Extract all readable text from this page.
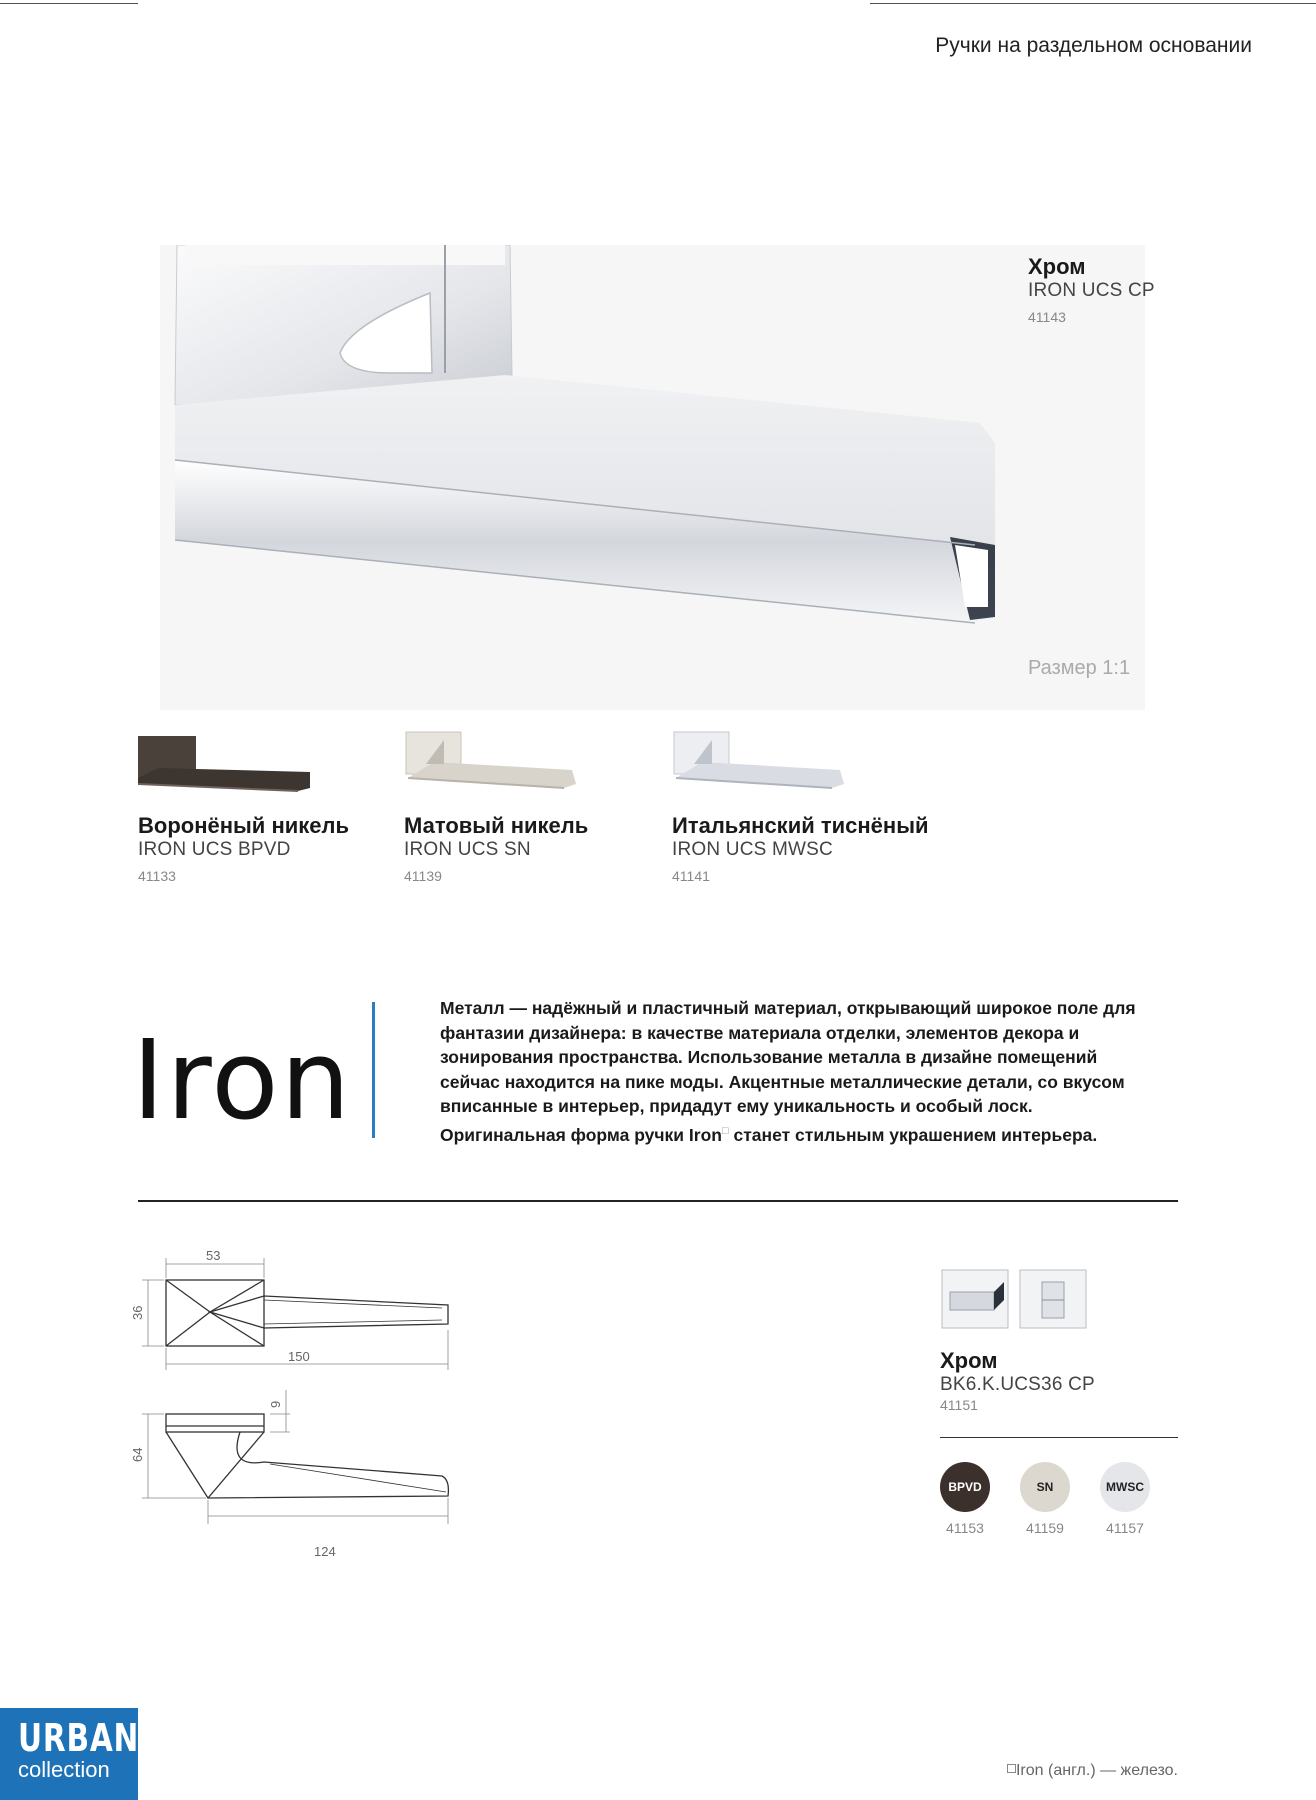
Ручки на раздельном основании
Хром
IRON UCS CP
41143
Размер 1:1
Воронёный никель
IRON UCS BPVD
41133
Матовый никель
IRON UCS SN
41139
Итальянский тиснёный
IRON UCS MWSC
41141
Iron
Металл — надёжный и пластичный материал, открывающий широкое поле для фантазии дизайнера: в качестве материала отделки, элементов декора и зонирования пространства. Использование металла в дизайне помещений сейчас находится на пике моды. Акцентные металлические детали, со вкусом вписанные в интерьер, придадут ему уникальность и особый лоск. Оригинальная форма ручки Iron□ станет стильным украшением интерьера.
53
36
150
9
64
124
Хром
BK6.K.UCS36 CP
41151
BPVD
41153
SN
41159
MWSC
41157
URBAN
collection	Iron (англ.) — железо.
